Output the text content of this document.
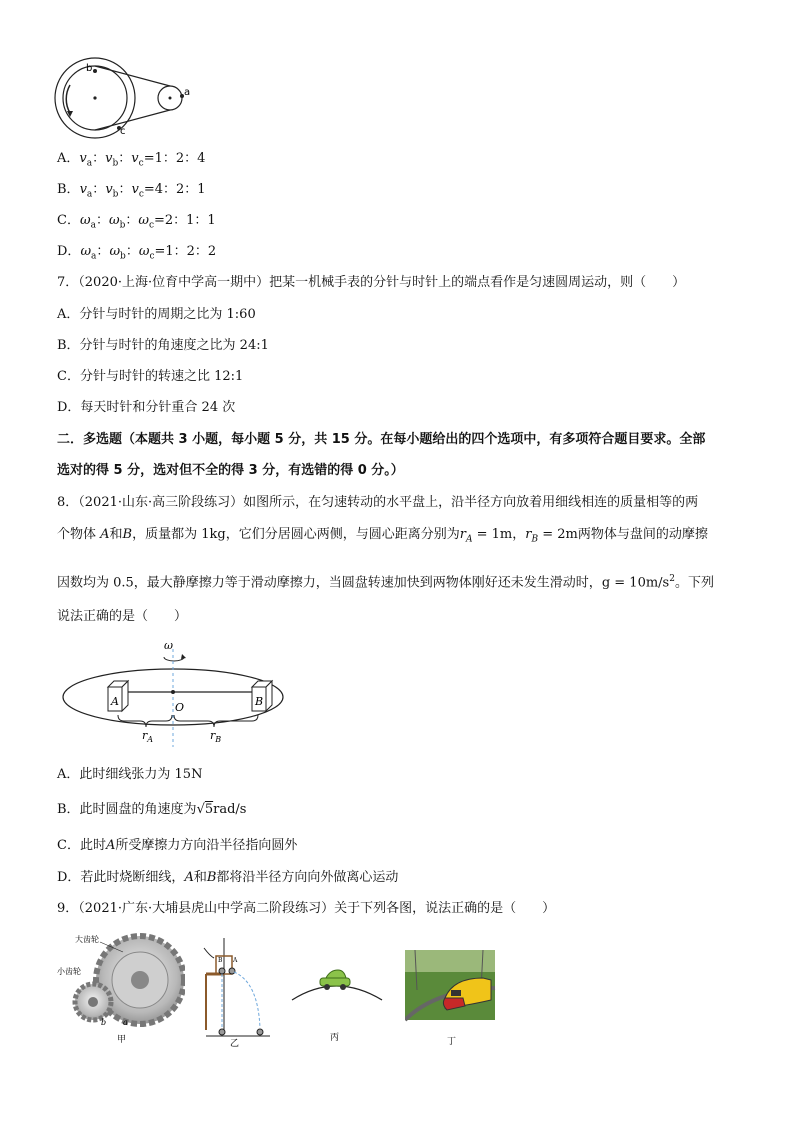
b
a
c
A．$v_a$：$v_b$：$v_c=1$：2：4
B．$v_a$：$v_b$：$v_c=4$：2：1
C．$\omega_a$：$\omega_b$：$\omega_c=2$：1：1
D．$\omega_a$：$\omega_b$：$\omega_c=1$：2：2
7．（2020·上海·位育中学高一期中）把某一机械手表的分针与时针上的端点看作是匀速圆周运动，则（　　）
A．分针与时针的周期之比为 1:60
B．分针与时针的角速度之比为 24:1
C．分针与时针的转速之比 12:1
D．每天时针和分针重合 24 次
二．多选题（本题共 3 小题，每小题 5 分，共 15 分。在每小题给出的四个选项中，有多项符合题目要求。全部
选对的得 5 分，选对但不全的得 3 分，有选错的得 0 分。）
8．（2021·山东·高三阶段练习）如图所示，在匀速转动的水平盘上，沿半径方向放着用细线相连的质量相等的两
个物体 A和B，质量都为 1kg，它们分居圆心两侧，与圆心距离分别为$r_A = 1m$，$r_B = 2m$两物体与盘间的动摩擦
因数均为 0.5，最大静摩擦力等于滑动摩擦力，当圆盘转速加快到两物体刚好还未发生滑动时，$g = 10m/s^2$。下列
说法正确的是（　　）
ω
A	B
O
$r_A$	$r_B$
A．此时细线张力为 15N
B．此时圆盘的角速度为√5rad/s
C．此时A所受摩擦力方向沿半径指向圆外
D．若此时烧断细线，A和B都将沿半径方向向外做离心运动
9．（2021·广东·大埔县虎山中学高二阶段练习）关于下列各图，说法正确的是（　　）
大齿轮
小齿轮
b a
甲
B A
乙
丙	丁
